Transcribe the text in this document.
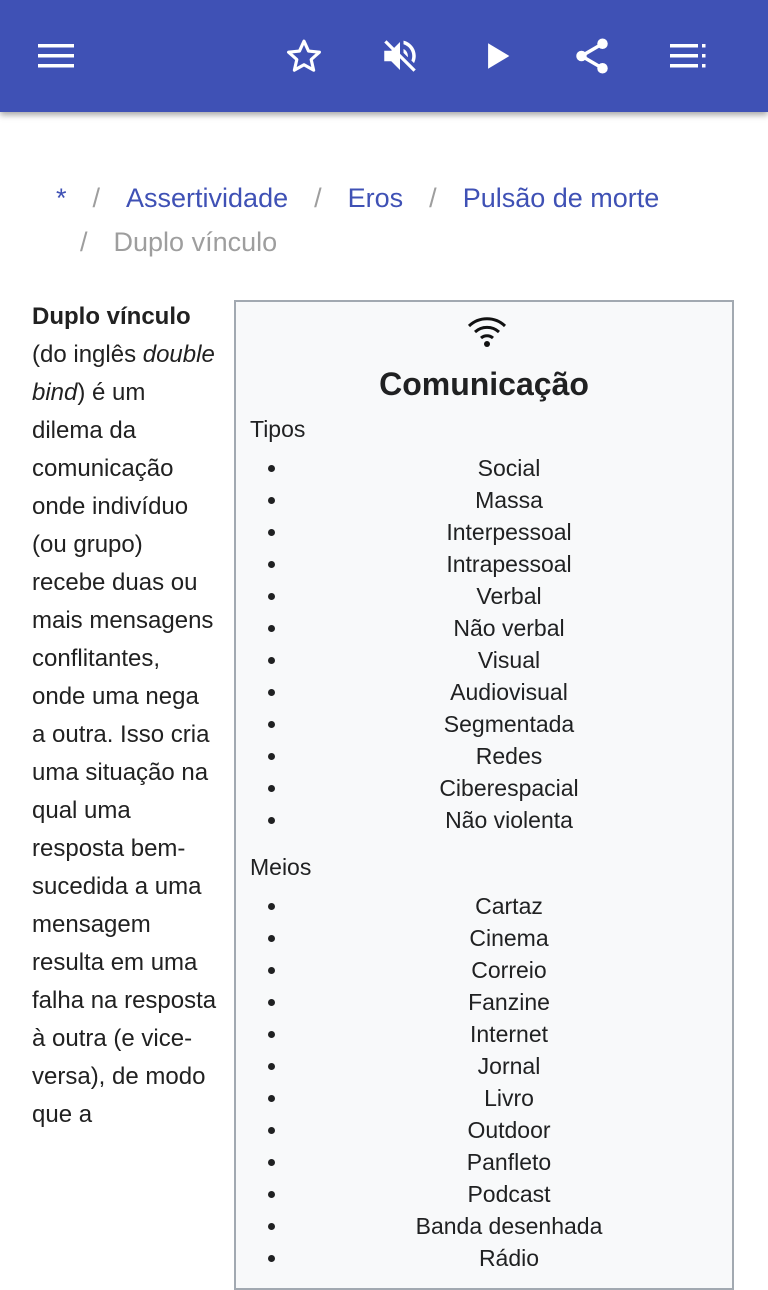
* / Assertividade / Eros / Pulsão de morte
/ Duplo vínculo
Duplo vínculo (do inglês double bind) é um dilema da comunicação onde indivíduo (ou grupo) recebe duas ou mais mensagens conflitantes, onde uma nega a outra. Isso cria uma situação na qual uma resposta bem-sucedida a uma mensagem resulta em uma falha na resposta à outra (e vice-versa), de modo que a
Comunicação
Tipos
Social
Massa
Interpessoal
Intrapessoal
Verbal
Não verbal
Visual
Audiovisual
Segmentada
Redes
Ciberespacial
Não violenta
Meios
Cartaz
Cinema
Correio
Fanzine
Internet
Jornal
Livro
Outdoor
Panfleto
Podcast
Banda desenhada
Rádio
